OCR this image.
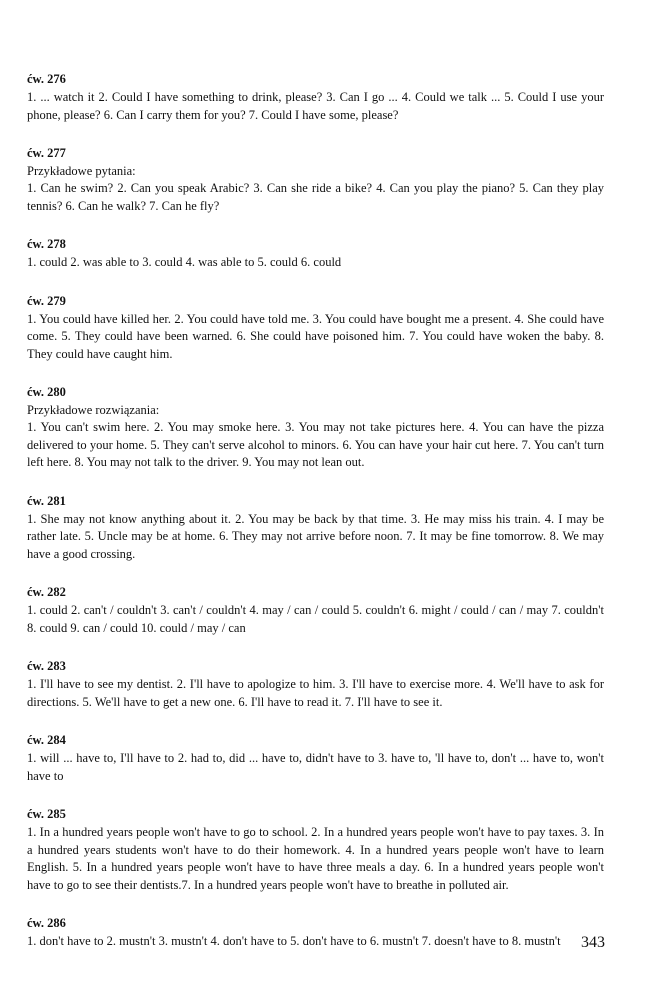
ćw. 276
1. ... watch it 2. Could I have something to drink, please? 3. Can I go ... 4. Could we talk ... 5. Could I use your phone, please? 6. Can I carry them for you? 7. Could I have some, please?
ćw. 277
Przykładowe pytania:
1. Can he swim? 2. Can you speak Arabic? 3. Can she ride a bike? 4. Can you play the piano? 5. Can they play tennis? 6. Can he walk? 7. Can he fly?
ćw. 278
1. could 2. was able to 3. could 4. was able to 5. could 6. could
ćw. 279
1. You could have killed her. 2. You could have told me. 3. You could have bought me a present. 4. She could have come. 5. They could have been warned. 6. She could have poisoned him. 7. You could have woken the baby. 8. They could have caught him.
ćw. 280
Przykładowe rozwiązania:
1. You can't swim here. 2. You may smoke here. 3. You may not take pictures here. 4. You can have the pizza delivered to your home. 5. They can't serve alcohol to minors. 6. You can have your hair cut here. 7. You can't turn left here. 8. You may not talk to the driver. 9. You may not lean out.
ćw. 281
1. She may not know anything about it. 2. You may be back by that time. 3. He may miss his train. 4. I may be rather late. 5. Uncle may be at home. 6. They may not arrive before noon. 7. It may be fine tomorrow. 8. We may have a good crossing.
ćw. 282
1. could 2. can't / couldn't 3. can't / couldn't 4. may / can / could 5. couldn't 6. might / could / can / may 7. couldn't 8. could 9. can / could 10. could / may / can
ćw. 283
1. I'll have to see my dentist. 2. I'll have to apologize to him. 3. I'll have to exercise more. 4. We'll have to ask for directions. 5. We'll have to get a new one. 6. I'll have to read it. 7. I'll have to see it.
ćw. 284
1. will ... have to, I'll have to 2. had to, did ... have to, didn't have to 3. have to, 'll have to, don't ... have to, won't have to
ćw. 285
1. In a hundred years people won't have to go to school. 2. In a hundred years people won't have to pay taxes. 3. In a hundred years students won't have to do their homework. 4. In a hundred years people won't have to learn English. 5. In a hundred years people won't have to have three meals a day. 6. In a hundred years people won't have to go to see their dentists.7. In a hundred years people won't have to breathe in polluted air.
ćw. 286
1. don't have to 2. mustn't 3. mustn't 4. don't have to 5. don't have to 6. mustn't 7. doesn't have to 8. mustn't	343
